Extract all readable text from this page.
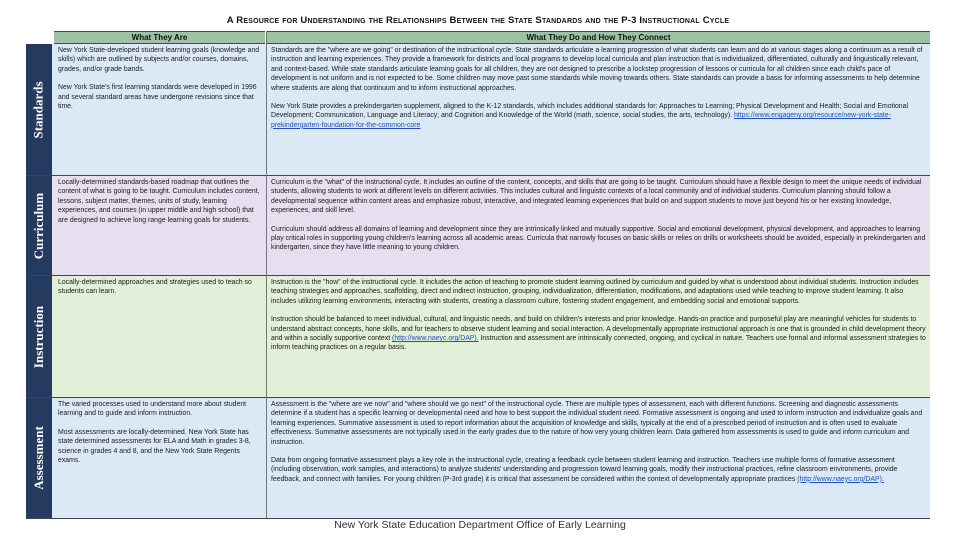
A Resource for Understanding the Relationships Between the State Standards and the P-3 Instructional Cycle
What They Are	What They Do and How They Connect
Standards

New York State-developed student learning goals (knowledge and skills) which are outlined by subjects and/or courses, domains, grades, and/or grade bands.

New York State's first learning standards were developed in 1996 and several standard areas have undergone revisions since that time.

Standards are the "where are we going" or destination of the instructional cycle. State standards articulate a learning progression of what students can learn and do at various stages along a continuum as a result of instruction and learning experiences. They provide a framework for districts and local programs to develop local curricula and plan instruction that is individualized, differentiated, culturally and linguistically relevant, and context-based. While state standards articulate learning goals for all children, they are not designed to prescribe a lockstep progression of lessons or curricula for all children since each child's pace of development is not uniform and is not expected to be. Some children may move past some standards while moving towards others. State standards can provide a basis for informing assessments to help determine where students are along that continuum and to inform instructional approaches.

New York State provides a prekindergarten supplement, aligned to the K-12 standards, which includes additional standards for: Approaches to Learning; Physical Development and Health; Social and Emotional Development; Communication, Language and Literacy; and Cognition and Knowledge of the World (math, science, social studies, the arts, technology). https://www.engageny.org/resource/new-york-state-prekindergarten-foundation-for-the-common-core

Curriculum

Locally-determined standards-based roadmap that outlines the content of what is going to be taught. Curriculum includes content, lessons, subject matter, themes, units of study, learning experiences, and courses (in upper middle and high school) that are designed to achieve long range learning goals for students.

Curriculum is the "what" of the instructional cycle. It includes an outline of the content, concepts, and skills that are going to be taught. Curriculum should have a flexible design to meet the unique needs of individual students, allowing students to work at different levels on different activities. This includes cultural and linguistic contexts of a local community and of individual students. Curriculum planning should follow a developmental sequence within content areas and emphasize robust, interactive, and integrated learning experiences that build on and support students to move just beyond his or her existing knowledge, experiences, and skill level.

Curriculum should address all domains of learning and development since they are intrinsically linked and mutually supportive. Social and emotional development, physical development, and approaches to learning play critical roles in supporting young children's learning across all academic areas. Curricula that narrowly focuses on basic skills or relies on drills or worksheets should be avoided, especially in prekindergarten and kindergarten, since they have little meaning to young children.

Instruction

Locally-determined approaches and strategies used to teach so students can learn.

Instruction is the "how" of the instructional cycle. It includes the action of teaching to promote student learning outlined by curriculum and guided by what is understood about individual students. Instruction includes teaching strategies and approaches, scaffolding, direct and indirect instruction, grouping, individualization, differentiation, modifications, and adaptations used while teaching to improve student learning. It also includes utilizing learning environments, interacting with students, creating a classroom culture, fostering student engagement, and embedding social and emotional supports.

Instruction should be balanced to meet individual, cultural, and linguistic needs, and build on children's interests and prior knowledge. Hands-on practice and purposeful play are meaningful vehicles for students to understand abstract concepts, hone skills, and for teachers to observe student learning and social interaction. A developmentally appropriate instructional approach is one that is grounded in child development theory and within a socially supportive context (http://www.naeyc.org/DAP). Instruction and assessment are intrinsically connected, ongoing, and cyclical in nature. Teachers use formal and informal assessment strategies to inform teaching practices on a regular basis.

Assessment

The varied processes used to understand more about student learning and to guide and inform instruction.

Most assessments are locally-determined. New York State has state determined assessments for ELA and Math in grades 3-8, science in grades 4 and 8, and the New York State Regents exams.

Assessment is the "where are we now" and "where should we go next" of the instructional cycle. There are multiple types of assessment, each with different functions. Screening and diagnostic assessments determine if a student has a specific learning or developmental need and how to best support the individual student need. Formative assessment is ongoing and used to inform instruction and individualize goals and learning experiences. Summative assessment is used to report information about the acquisition of knowledge and skills, typically at the end of a prescribed period of instruction and is often used to evaluate effectiveness. Summative assessments are not typically used in the early grades due to the nature of how very young children learn. Data gathered from assessments is used to guide and inform curriculum and instruction.

Data from ongoing formative assessment plays a key role in the instructional cycle, creating a feedback cycle between student learning and instruction. Teachers use multiple forms of formative assessment (including observation, work samples, and interactions) to analyze students' understanding and progression toward learning goals, modify their instructional practices, refine classroom environments, provide feedback, and connect with families. For young children (P-3rd grade) it is critical that assessment be considered within the context of developmentally appropriate practices (http://www.naeyc.org/DAP).

New York State Education Department Office of Early Learning
